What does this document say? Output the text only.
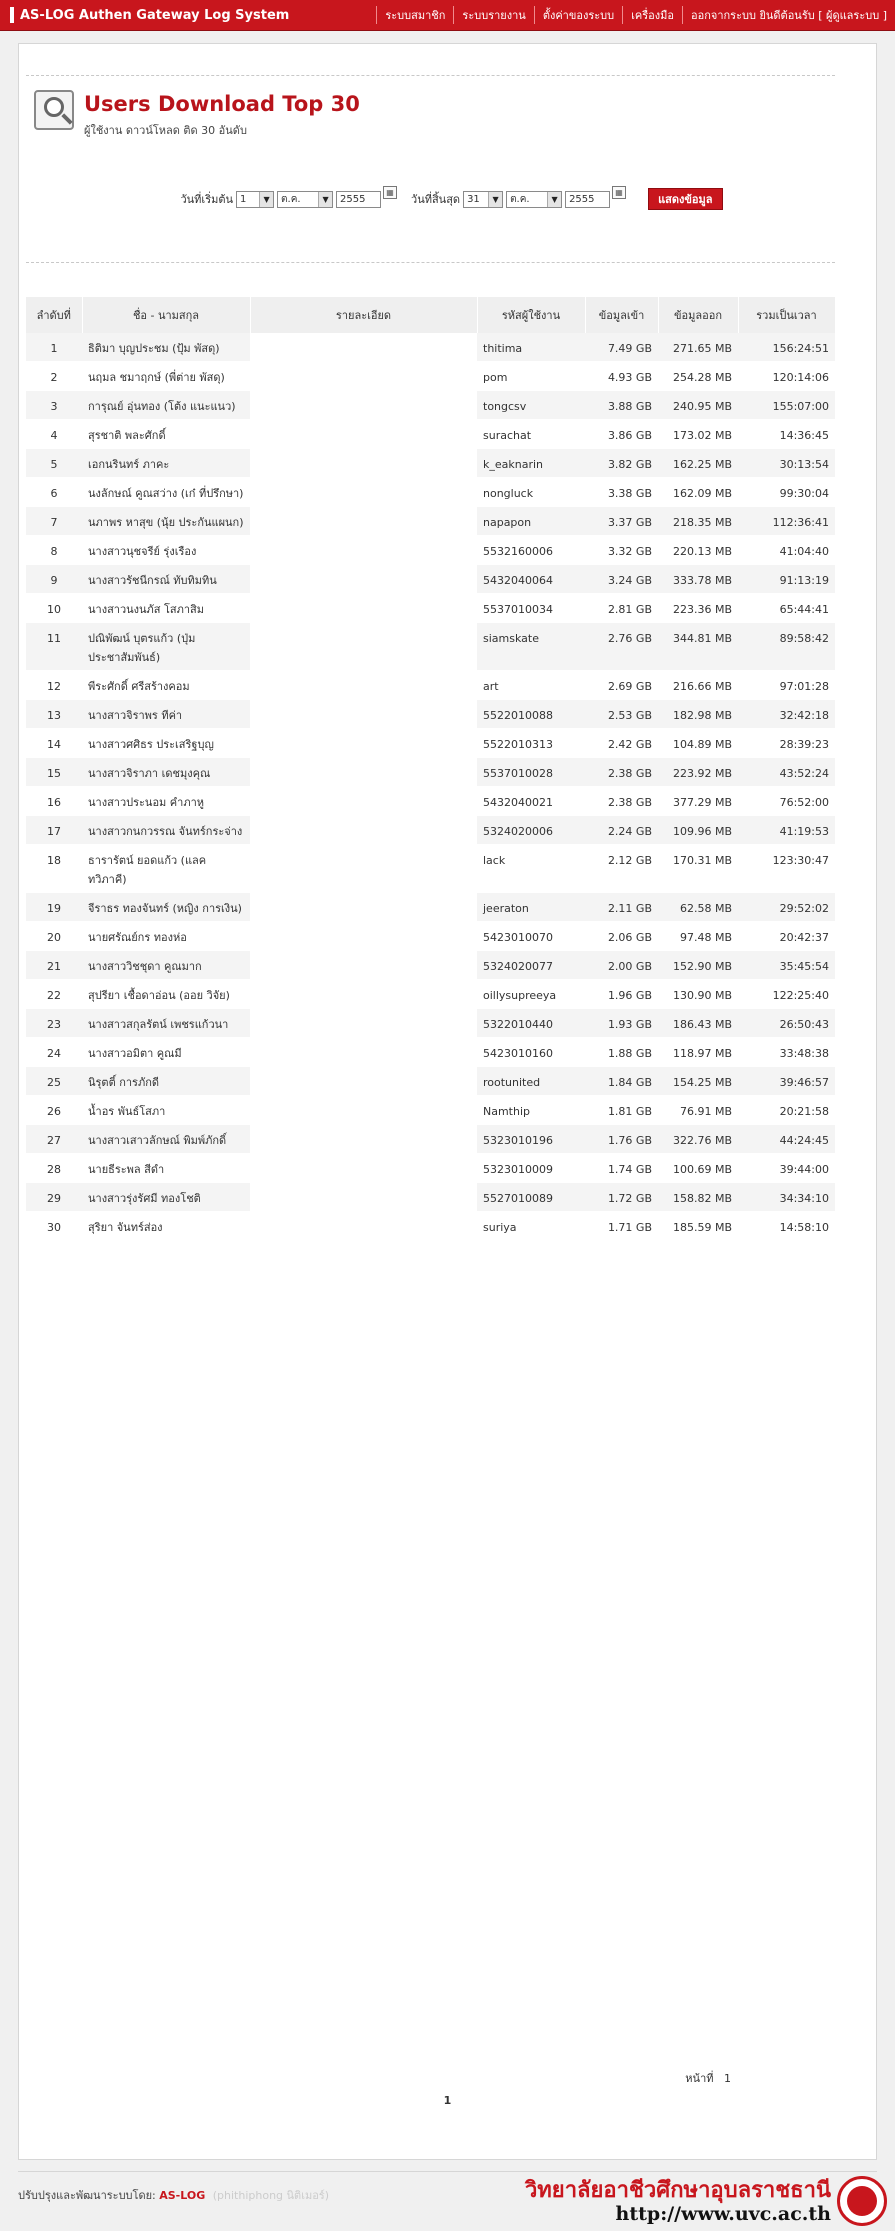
AS-LOG Authen Gateway Log System	ระบบสมาชิก	ระบบรายงาน	ตั้งค่าของระบบ	เครื่องมือ	ออกจากระบบ ยินดีต้อนรับ [ ผู้ดูแลระบบ ]
Users Download Top 30
ผู้ใช้งาน ดาวน์โหลด ติด 30 อันดับ
วันที่เริ่มต้น 1	▼	ต.ค.	▼	2555
▦
วันที่สิ้นสุด 31	▼	ต.ค.	▼	2555
▦
แสดงข้อมูล
ลำดับที่	ชื่อ - นามสกุล	รายละเอียด	รหัสผู้ใช้งาน	ข้อมูลเข้า	ข้อมูลออก	รวมเป็นเวลา
1	ธิติมา บุญประชม (ปุ้ม พัสดุ)		thitima	7.49 GB	271.65 MB	156:24:51
2	นฤมล ชมาฤกษ์ (พี่ต่าย พัสดุ)		pom	4.93 GB	254.28 MB	120:14:06
3	การุณย์ อุ่นทอง (โต้ง แนะแนว)		tongcsv	3.88 GB	240.95 MB	155:07:00
4	สุรชาติ พละศักดิ์		surachat	3.86 GB	173.02 MB	14:36:45
5	เอกนรินทร์ ภาคะ		k_eaknarin	3.82 GB	162.25 MB	30:13:54
6	นงลักษณ์ คูณสว่าง (เก๋ ที่ปรึกษา)		nongluck	3.38 GB	162.09 MB	99:30:04
7	นภาพร หาสุข (นุ้ย ประกันแผนก)		napapon	3.37 GB	218.35 MB	112:36:41
8	นางสาวนุชจรีย์ รุ่งเรือง		5532160006	3.32 GB	220.13 MB	41:04:40
9	นางสาวรัชนีกรณ์ ทับทิมทิน		5432040064	3.24 GB	333.78 MB	91:13:19
10	นางสาวนงนภัส โสภาสิม		5537010034	2.81 GB	223.36 MB	65:44:41
11	ปณิพัฒน์ บุตรแก้ว (ปุ่ม ประชาสัมพันธ์)		siamskate	2.76 GB	344.81 MB	89:58:42
12	พีระศักดิ์ ศรีสร้างคอม		art	2.69 GB	216.66 MB	97:01:28
13	นางสาวจิราพร ทีค่า		5522010088	2.53 GB	182.98 MB	32:42:18
14	นางสาวศศิธร ประเสริฐบุญ		5522010313	2.42 GB	104.89 MB	28:39:23
15	นางสาวจิราภา เดชมุงคุณ		5537010028	2.38 GB	223.92 MB	43:52:24
16	นางสาวประนอม คำภาหู		5432040021	2.38 GB	377.29 MB	76:52:00
17	นางสาวกนกวรรณ จันทร์กระจ่าง		5324020006	2.24 GB	109.96 MB	41:19:53
18	ธารารัตน์ ยอดแก้ว (แลค ทวิภาคี)		lack	2.12 GB	170.31 MB	123:30:47
19	จีราธร ทองจันทร์ (หญิง การเงิน)		jeeraton	2.11 GB	62.58 MB	29:52:02
20	นายศรัณย์กร ทองห่อ		5423010070	2.06 GB	97.48 MB	20:42:37
21	นางสาววิชชุดา คูณมาก		5324020077	2.00 GB	152.90 MB	35:45:54
22	สุปรียา เชื้อดาอ่อน (ออย วิจัย)		oillysupreeya	1.96 GB	130.90 MB	122:25:40
23	นางสาวสกุลรัตน์ เพชรแก้วนา		5322010440	1.93 GB	186.43 MB	26:50:43
24	นางสาวอมิตา คูณมี		5423010160	1.88 GB	118.97 MB	33:48:38
25	นิรุตติ์ การภักดี		rootunited	1.84 GB	154.25 MB	39:46:57
26	น้ำอร พันธ์โสภา		Namthip	1.81 GB	76.91 MB	20:21:58
27	นางสาวเสาวลักษณ์ พิมพ์ภักดิ์		5323010196	1.76 GB	322.76 MB	44:24:45
28	นายธีระพล สีดำ		5323010009	1.74 GB	100.69 MB	39:44:00
29	นางสาวรุ่งรัศมี ทองโชติ		5527010089	1.72 GB	158.82 MB	34:34:10
30	สุริยา จันทร์ส่อง		suriya	1.71 GB	185.59 MB	14:58:10
หน้าที่ 1
1
ปรับปรุงและพัฒนาระบบโดย: AS-LOG (phithiphong นิติเมอร์)	วิทยาลัยอาชีวศึกษาอุบลราชธานี
http://www.uvc.ac.th
